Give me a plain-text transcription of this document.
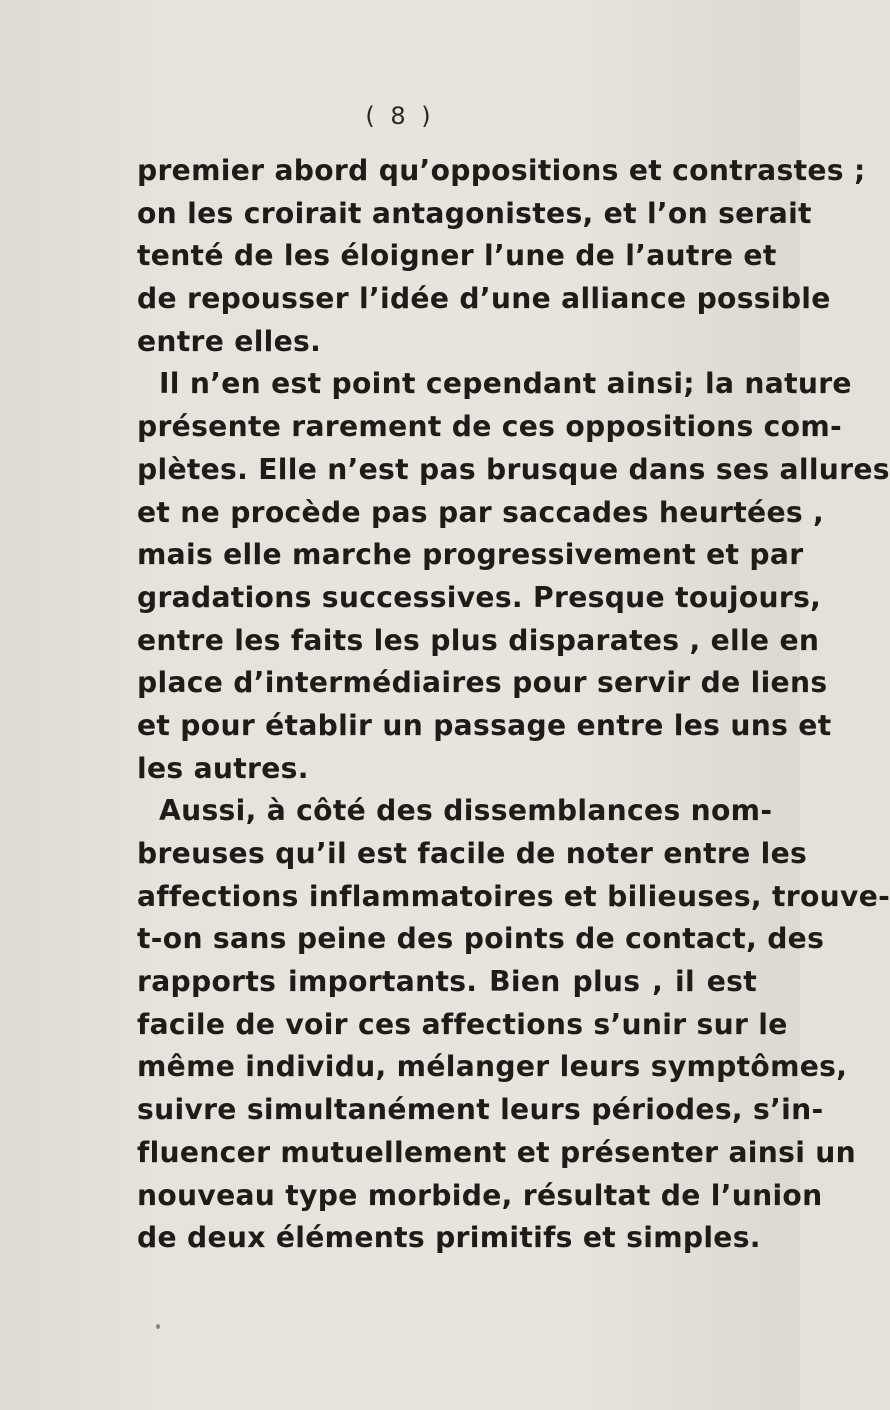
( 8 )
premier abord qu’oppositions et contrastes ;
on les croirait antagonistes, et l’on serait
tenté de les éloigner l’une de l’autre et
de repousser l’idée d’une alliance possible
entre elles.
Il n’en est point cependant ainsi; la nature
présente rarement de ces oppositions com-
plètes. Elle n’est pas brusque dans ses allures
et ne procède pas par saccades heurtées ,
mais elle marche progressivement et par
gradations successives. Presque toujours,
entre les faits les plus disparates , elle en
place d’intermédiaires pour servir de liens
et pour établir un passage entre les uns et
les autres.
Aussi, à côté des dissemblances nom-
breuses qu’il est facile de noter entre les
affections inflammatoires et bilieuses, trouve-
t-on sans peine des points de contact, des
rapports importants. Bien plus , il est
facile de voir ces affections s’unir sur le
même individu, mélanger leurs symptômes,
suivre simultanément leurs périodes, s’in-
fluencer mutuellement et présenter ainsi un
nouveau type morbide, résultat de l’union
de deux éléments primitifs et simples.
